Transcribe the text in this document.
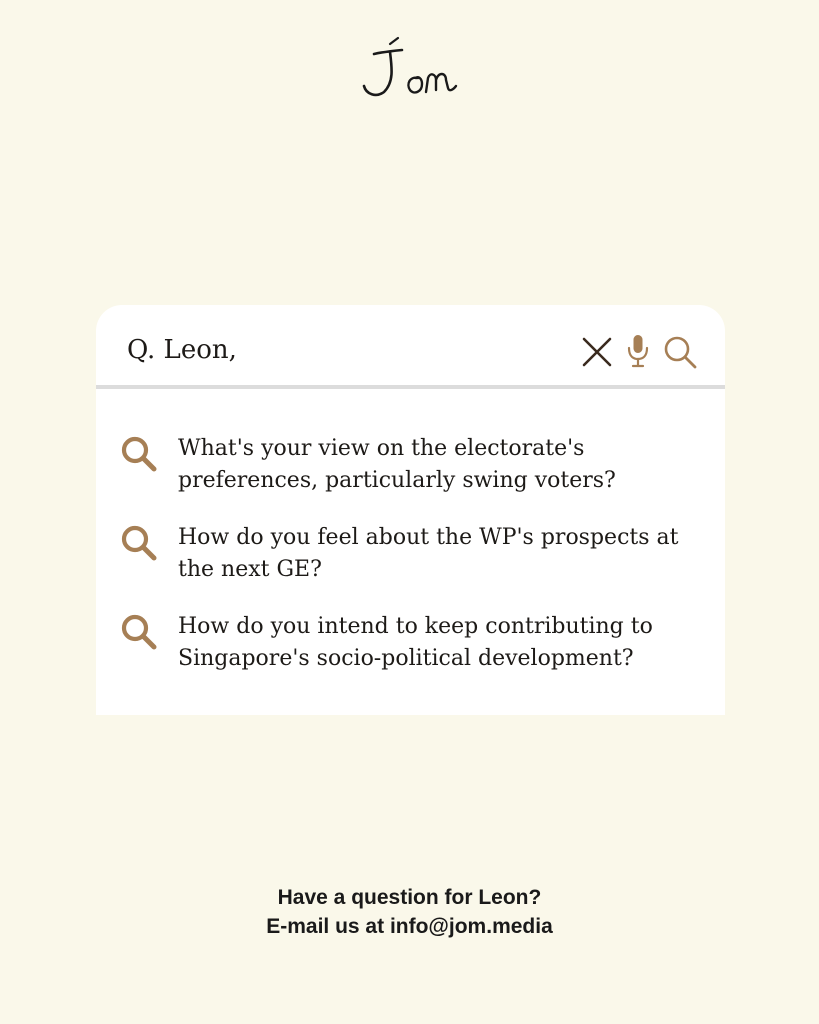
Q. Leon,
What's your view on the electorate's preferences, particularly swing voters?
How do you feel about the WP's prospects at the next GE?
How do you intend to keep contributing to Singapore's socio-political development?
Have a question for Leon?
E-mail us at info@jom.media
